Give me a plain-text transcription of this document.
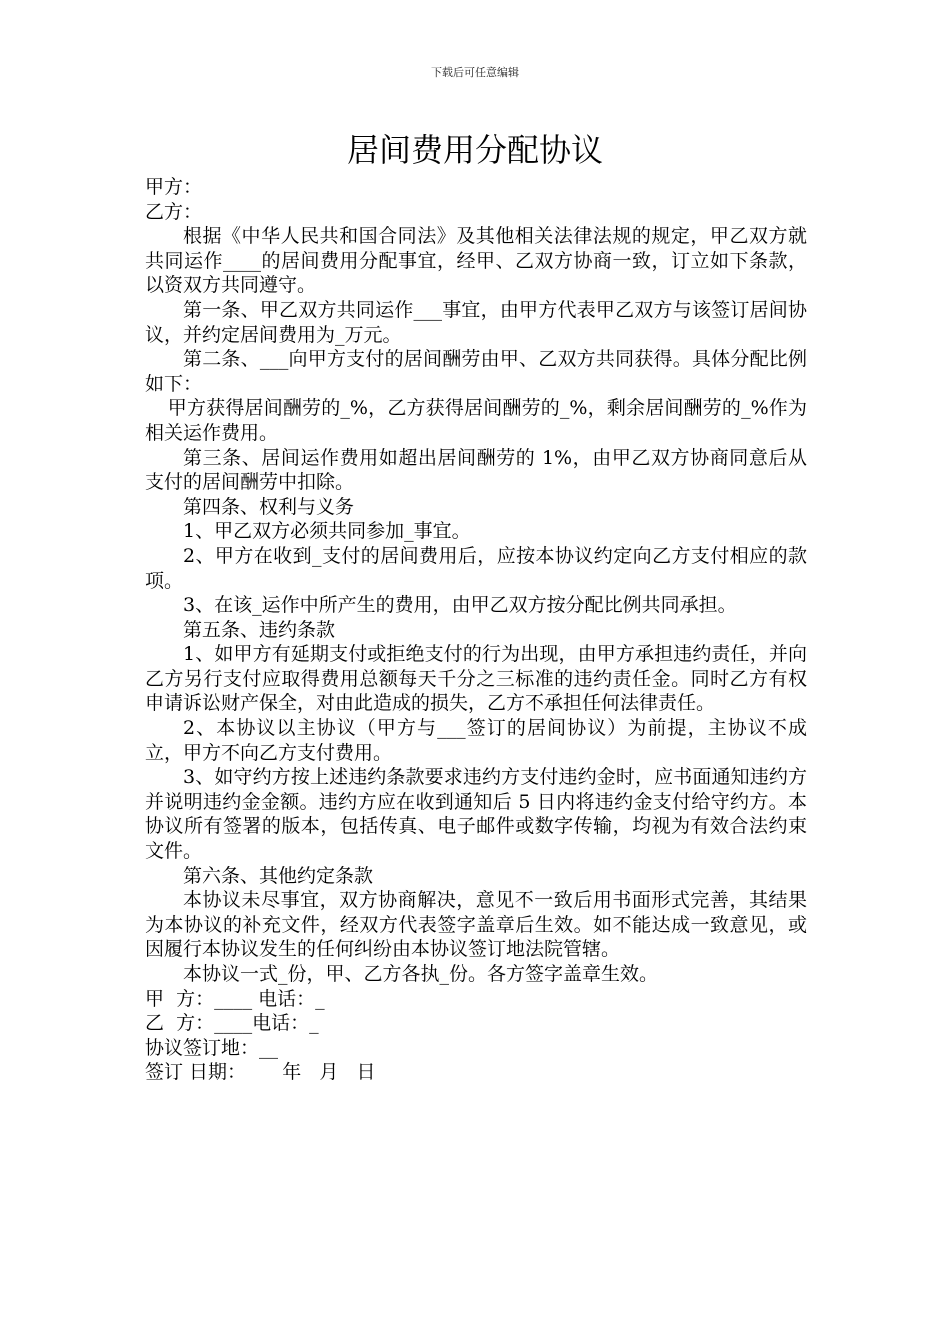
下载后可任意编辑
居间费用分配协议

甲方：

乙方：

根据《中华人民共和国合同法》及其他相关法律法规的规定，甲乙双方就共同运作____的居间费用分配事宜，经甲、乙双方协商一致，订立如下条款，以资双方共同遵守。

第一条、甲乙双方共同运作___事宜，由甲方代表甲乙双方与该签订居间协议，并约定居间费用为_万元。

第二条、___向甲方支付的居间酬劳由甲、乙双方共同获得。具体分配比例如下：

甲方获得居间酬劳的_%，乙方获得居间酬劳的_%，剩余居间酬劳的_%作为相关运作费用。

第三条、居间运作费用如超出居间酬劳的 1%，由甲乙双方协商同意后从支付的居间酬劳中扣除。

第四条、权利与义务

1、甲乙双方必须共同参加_事宜。

2、甲方在收到_支付的居间费用后，应按本协议约定向乙方支付相应的款项。

3、在该_运作中所产生的费用，由甲乙双方按分配比例共同承担。

第五条、违约条款

1、如甲方有延期支付或拒绝支付的行为出现，由甲方承担违约责任，并向乙方另行支付应取得费用总额每天千分之三标准的违约责任金。同时乙方有权申请诉讼财产保全，对由此造成的损失，乙方不承担任何法律责任。

2、本协议以主协议（甲方与___签订的居间协议）为前提，主协议不成立，甲方不向乙方支付费用。

3、如守约方按上述违约条款要求违约方支付违约金时，应书面通知违约方并说明违约金金额。违约方应在收到通知后 5 日内将违约金支付给守约方。本协议所有签署的版本，包括传真、电子邮件或数字传输，均视为有效合法约束文件。

第六条、其他约定条款

本协议未尽事宜，双方协商解决，意见不一致后用书面形式完善，其结果为本协议的补充文件，经双方代表签字盖章后生效。如不能达成一致意见，或因履行本协议发生的任何纠纷由本协议签订地法院管辖。

本协议一式_份，甲、乙方各执_份。各方签字盖章生效。

甲  方：____ 电话：_

乙  方：____电话：_

协议签订地：__

签订 日期：      年   月   日
